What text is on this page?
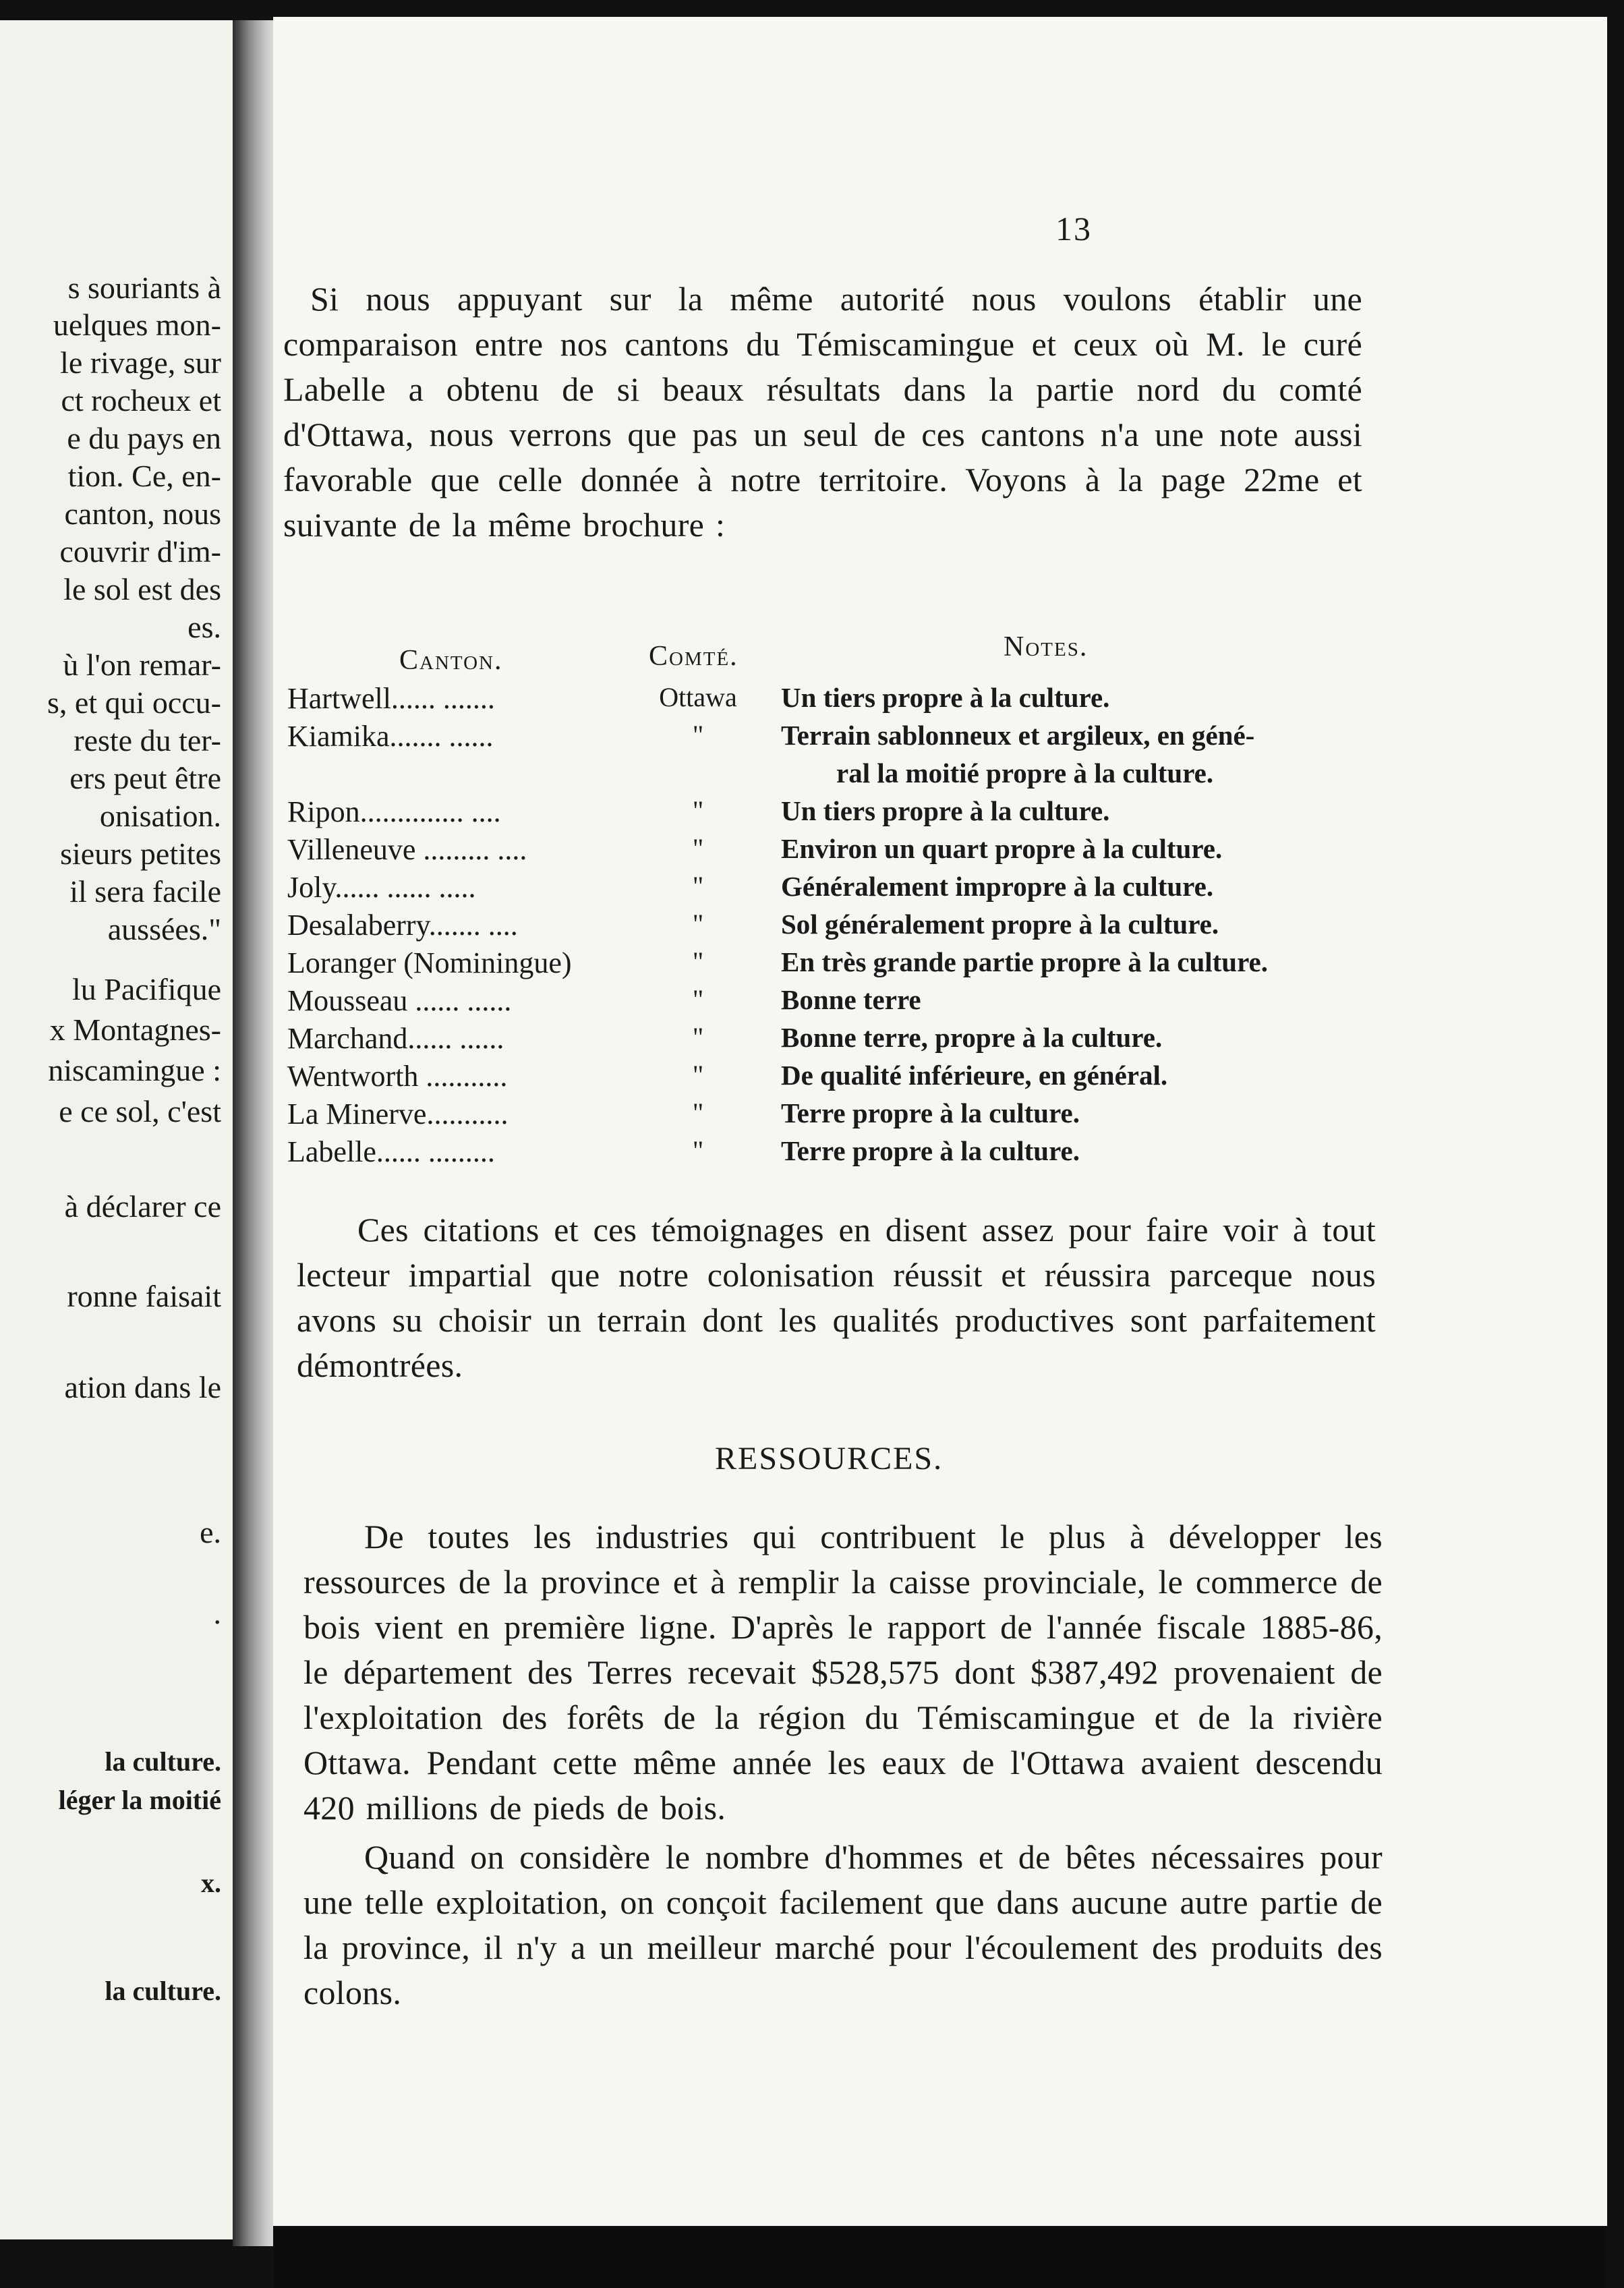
s souriants à
uelques mon-
le rivage, sur
ct rocheux et
e du pays en
tion. Ce, en-
canton, nous
couvrir d'im-
le sol est des
es.
ù l'on remar-
s, et qui occu-
reste du ter-
ers peut être
onisation.
sieurs petites
il sera facile
aussées."
lu Pacifique
x Montagnes-
niscamingue :
e ce sol, c'est
à déclarer ce
ronne faisait
ation dans le
e.
.
la culture.
léger la moitié
x.
la culture.
13

Si nous appuyant sur la même autorité nous voulons établir une comparaison entre nos cantons du Témiscamingue et ceux où M. le curé Labelle a obtenu de si beaux résultats dans la partie nord du comté d'Ottawa, nous verrons que pas un seul de ces cantons n'a une note aussi favorable que celle donnée à notre territoire. Voyons à la page 22me et suivante de la même brochure :

Canton.	Comté.	Notes.
Hartwell...... .......	Ottawa	Un tiers propre à la culture.
Kiamika....... ......	"	Terrain sablonneux et argileux, en géné-
ral la moitié propre à la culture.
Ripon.............. ....	"	Un tiers propre à la culture.
Villeneuve ......... ....	"	Environ un quart propre à la culture.
Joly...... ...... .....	"	Généralement impropre à la culture.
Desalaberry....... ....	"	Sol généralement propre à la culture.
Loranger (Nominingue)	"	En très grande partie propre à la culture.
Mousseau ...... ......	"	Bonne terre
Marchand...... ......	"	Bonne terre, propre à la culture.
Wentworth ...........	"	De qualité inférieure, en général.
La Minerve...........	"	Terre propre à la culture.
Labelle...... .........	"	Terre propre à la culture.

Ces citations et ces témoignages en disent assez pour faire voir à tout lecteur impartial que notre colonisation réussit et réussira parceque nous avons su choisir un terrain dont les qualités productives sont parfaitement démontrées.

RESSOURCES.

De toutes les industries qui contribuent le plus à développer les ressources de la province et à remplir la caisse provinciale, le commerce de bois vient en première ligne. D'après le rapport de l'année fiscale 1885-86, le département des Terres recevait $528,575 dont $387,492 provenaient de l'exploitation des forêts de la région du Témiscamingue et de la rivière Ottawa. Pendant cette même année les eaux de l'Ottawa avaient descendu 420 millions de pieds de bois.

Quand on considère le nombre d'hommes et de bêtes nécessaires pour une telle exploitation, on conçoit facilement que dans aucune autre partie de la province, il n'y a un meilleur marché pour l'écoulement des produits des colons.
